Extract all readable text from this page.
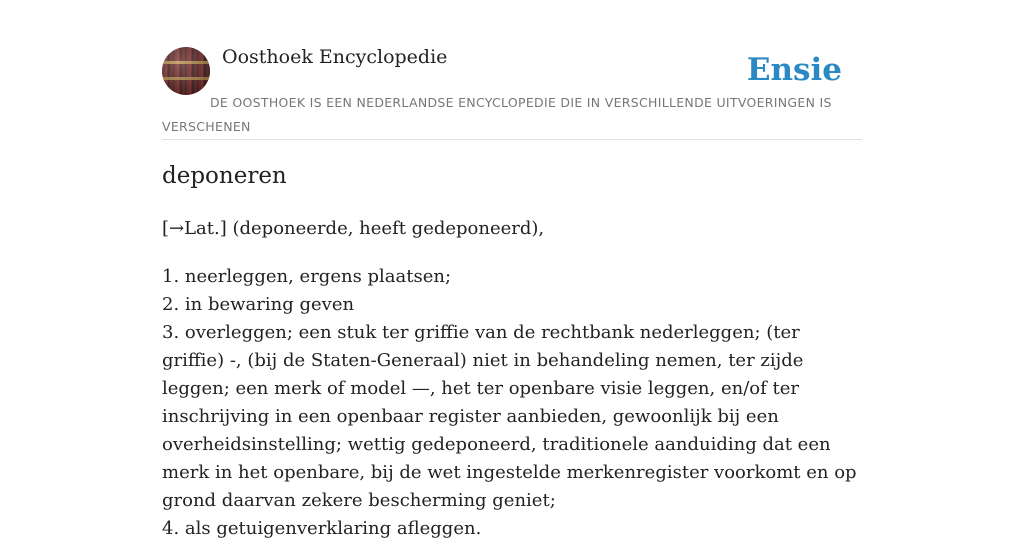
Oosthoek Encyclopedie	Ensie
DE OOSTHOEK IS EEN NEDERLANDSE ENCYCLOPEDIE DIE IN VERSCHILLENDE UITVOERINGEN IS VERSCHENEN
deponeren
[→Lat.] (deponeerde, heeft gedeponeerd),
1. neerleggen, ergens plaatsen;
2. in bewaring geven
3. overleggen; een stuk ter griffie van de rechtbank nederleggen; (ter griffie) -, (bij de Staten-Generaal) niet in behandeling nemen, ter zijde leggen; een merk of model —, het ter openbare visie leggen, en/of ter inschrijving in een openbaar register aanbieden, gewoonlijk bij een overheidsinstelling; wettig gedeponeerd, traditionele aanduiding dat een merk in het openbare, bij de wet ingestelde merkenregister voorkomt en op grond daarvan zekere bescherming geniet;
4. als getuigenverklaring afleggen.
